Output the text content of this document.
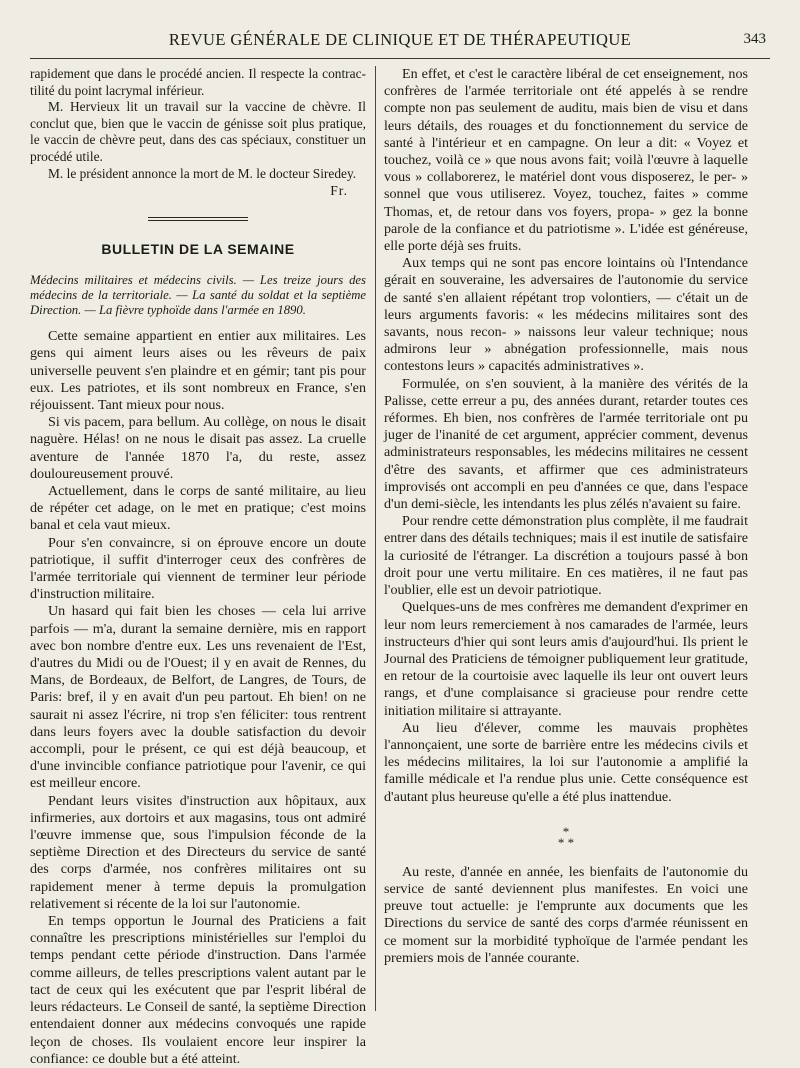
REVUE GÉNÉRALE DE CLINIQUE ET DE THÉRAPEUTIQUE	343

rapidement que dans le procédé ancien. Il respecte la contrac-tilité du point lacrymal inférieur.

M. Hervieux lit un travail sur la vaccine de chèvre. Il conclut que, bien que le vaccin de génisse soit plus pratique, le vaccin de chèvre peut, dans des cas spéciaux, constituer un procédé utile.

M. le président annonce la mort de M. le docteur Siredey.

Fr.

BULLETIN DE LA SEMAINE

Médecins militaires et médecins civils. — Les treize jours des médecins de la territoriale. — La santé du soldat et la septième Direction. — La fièvre typhoïde dans l'armée en 1890.

Cette semaine appartient en entier aux militaires. Les gens qui aiment leurs aises ou les rêveurs de paix universelle peuvent s'en plaindre et en gémir; tant pis pour eux. Les patriotes, et ils sont nombreux en France, s'en réjouissent. Tant mieux pour nous.

Si vis pacem, para bellum. Au collège, on nous le disait naguère. Hélas! on ne nous le disait pas assez. La cruelle aventure de l'année 1870 l'a, du reste, assez douloureusement prouvé.

Actuellement, dans le corps de santé militaire, au lieu de répéter cet adage, on le met en pratique; c'est moins banal et cela vaut mieux.

Pour s'en convaincre, si on éprouve encore un doute patriotique, il suffit d'interroger ceux des confrères de l'armée territoriale qui viennent de terminer leur période d'instruction militaire.

Un hasard qui fait bien les choses — cela lui arrive parfois — m'a, durant la semaine dernière, mis en rapport avec bon nombre d'entre eux. Les uns revenaient de l'Est, d'autres du Midi ou de l'Ouest; il y en avait de Rennes, du Mans, de Bordeaux, de Belfort, de Langres, de Tours, de Paris: bref, il y en avait d'un peu partout. Eh bien! on ne saurait ni assez l'écrire, ni trop s'en féliciter: tous rentrent dans leurs foyers avec la double satisfaction du devoir accompli, pour le présent, ce qui est déjà beaucoup, et d'une invincible confiance patriotique pour l'avenir, ce qui est meilleur encore.

Pendant leurs visites d'instruction aux hôpitaux, aux infirmeries, aux dortoirs et aux magasins, tous ont admiré l'œuvre immense que, sous l'impulsion féconde de la septième Direction et des Directeurs du service de santé des corps d'armée, nos confrères militaires ont su rapidement mener à terme depuis la promulgation relativement si récente de la loi sur l'autonomie.

En temps opportun le Journal des Praticiens a fait connaître les prescriptions ministérielles sur l'emploi du temps pendant cette période d'instruction. Dans l'armée comme ailleurs, de telles prescriptions valent autant par le tact de ceux qui les exécutent que par l'esprit libéral de leurs rédacteurs. Le Conseil de santé, la septième Direction entendaient donner aux médecins convoqués une rapide leçon de choses. Ils voulaient encore leur inspirer la confiance: ce double but a été atteint.

En effet, et c'est le caractère libéral de cet enseignement, nos confrères de l'armée territoriale ont été appelés à se rendre compte non pas seulement de auditu, mais bien de visu et dans leurs détails, des rouages et du fonctionnement du service de santé à l'intérieur et en campagne. On leur a dit: « Voyez et touchez, voilà ce » que nous avons fait; voilà l'œuvre à laquelle vous » collaborerez, le matériel dont vous disposerez, le per- » sonnel que vous utiliserez. Voyez, touchez, faites » comme Thomas, et, de retour dans vos foyers, propa- » gez la bonne parole de la confiance et du patriotisme ». L'idée est généreuse, elle porte déjà ses fruits.

Aux temps qui ne sont pas encore lointains où l'Intendance gérait en souveraine, les adversaires de l'autonomie du service de santé s'en allaient répétant trop volontiers, — c'était un de leurs arguments favoris: « les médecins militaires sont des savants, nous recon- » naissons leur valeur technique; nous admirons leur » abnégation professionnelle, mais nous contestons leurs » capacités administratives ».

Formulée, on s'en souvient, à la manière des vérités de la Palisse, cette erreur a pu, des années durant, retarder toutes ces réformes. Eh bien, nos confrères de l'armée territoriale ont pu juger de l'inanité de cet argument, apprécier comment, devenus administrateurs responsables, les médecins militaires ne cessent d'être des savants, et affirmer que ces administrateurs improvisés ont accompli en peu d'années ce que, dans l'espace d'un demi-siècle, les intendants les plus zélés n'avaient su faire.

Pour rendre cette démonstration plus complète, il me faudrait entrer dans des détails techniques; mais il est inutile de satisfaire la curiosité de l'étranger. La discrétion a toujours passé à bon droit pour une vertu militaire. En ces matières, il ne faut pas l'oublier, elle est un devoir patriotique.

Quelques-uns de mes confrères me demandent d'exprimer en leur nom leurs remerciement à nos camarades de l'armée, leurs instructeurs d'hier qui sont leurs amis d'aujourd'hui. Ils prient le Journal des Praticiens de témoigner publiquement leur gratitude, en retour de la courtoisie avec laquelle ils leur ont ouvert leurs rangs, et d'une complaisance si gracieuse pour rendre cette initiation militaire si attrayante.

Au lieu d'élever, comme les mauvais prophètes l'annonçaient, une sorte de barrière entre les médecins civils et les médecins militaires, la loi sur l'autonomie a amplifié la famille médicale et l'a rendue plus unie. Cette conséquence est d'autant plus heureuse qu'elle a été plus inattendue.

*
* *

Au reste, d'année en année, les bienfaits de l'autonomie du service de santé deviennent plus manifestes. En voici une preuve tout actuelle: je l'emprunte aux documents que les Directions du service de santé des corps d'armée réunissent en ce moment sur la morbidité typhoïque de l'armée pendant les premiers mois de l'année courante.
